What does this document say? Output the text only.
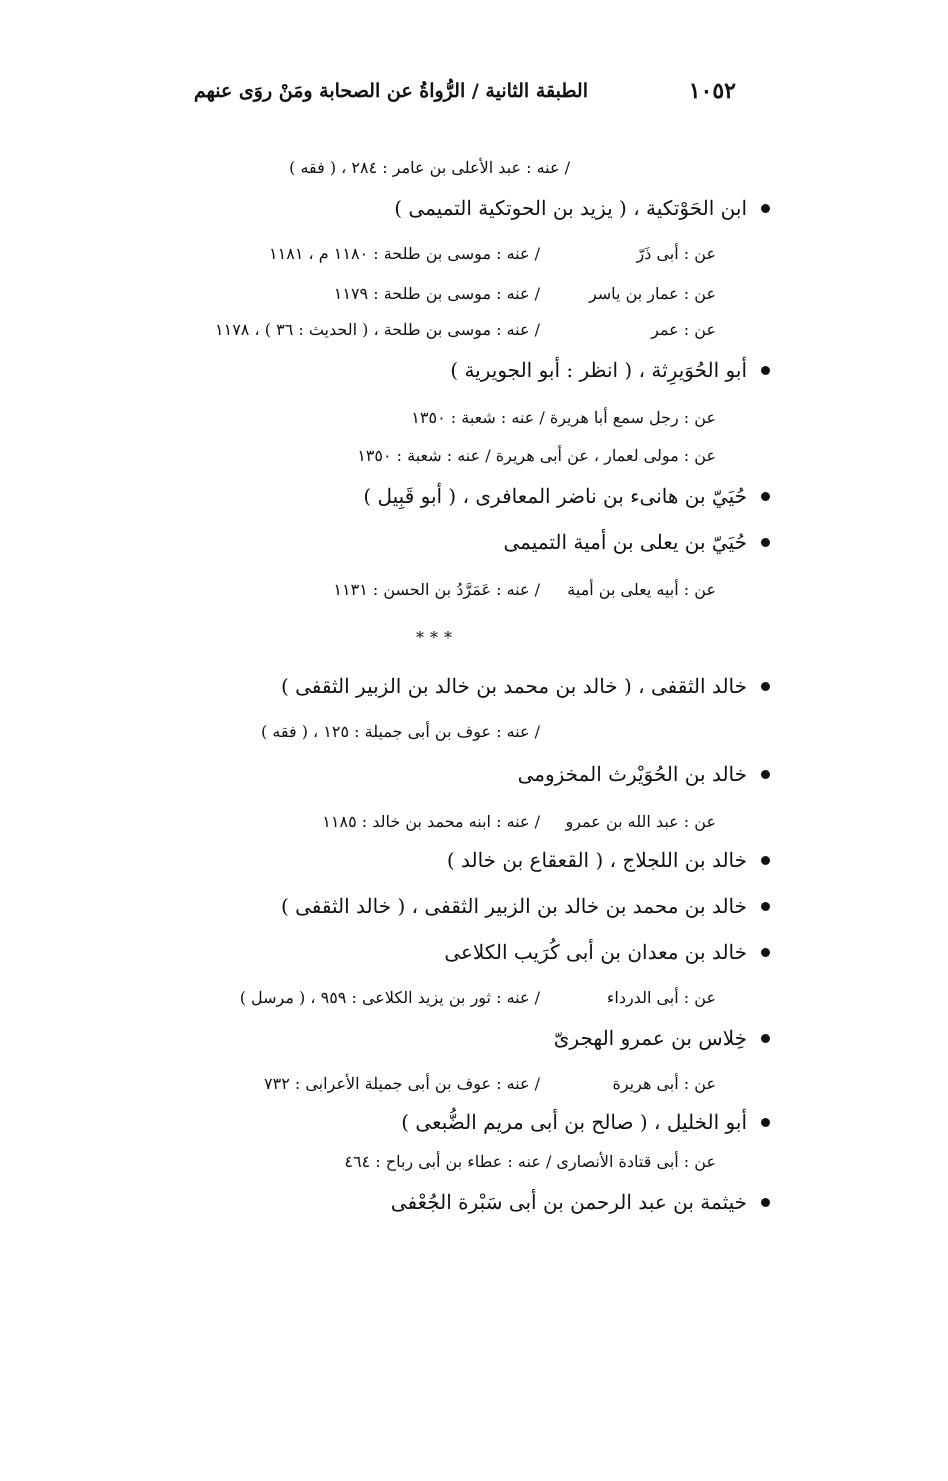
١٠٥٢
الطبقة الثانية / الرُّواةُ عن الصحابة ومَنْ روَى عنهم
/ عنه : عبد الأعلى بن عامر : ٢٨٤ ، ( فقه )
ابن الحَوْتكية ، ( يزيد بن الحوتكية التميمى )
عن : أبى ذَرّ
/ عنه : موسى بن طلحة : ١١٨٠ م ، ١١٨١
عن : عمار بن ياسر
/ عنه : موسى بن طلحة : ١١٧٩
عن : عمر
/ عنه : موسى بن طلحة ، ( الحديث : ٣٦ ) ، ١١٧٨
أبو الحُوَيرِثة ، ( انظر : أبو الجويرية )
عن : رجل سمع أبا هريرة / عنه : شعبة : ١٣٥٠
عن : مولى لعمار ، عن أبى هريرة / عنه : شعبة : ١٣٥٠
حُيَيّ بن هانىء بن ناضر المعافرى ، ( أبو قَبِيل )
حُيَيّ بن يعلى بن أمية التميمى
عن : أبيه يعلى بن أمية
/ عنه : عَمَرَّدُ بن الحسن : ١١٣١
***
خالد الثقفى ، ( خالد بن محمد بن خالد بن الزبير الثقفى )
/ عنه : عوف بن أبى جميلة : ١٢٥ ، ( فقه )
خالد بن الحُوَيْرث المخزومى
عن : عبد الله بن عمرو
/ عنه : ابنه محمد بن خالد : ١١٨٥
خالد بن اللجلاج ، ( القعقاع بن خالد )
خالد بن محمد بن خالد بن الزبير الثقفى ، ( خالد الثقفى )
خالد بن معدان بن أبى كُرَيب الكلاعى
عن : أبى الدرداء
/ عنه : ثور بن يزيد الكلاعى : ٩٥٩ ، ( مرسل )
خِلاس بن عمرو الهجرىّ
عن : أبى هريرة
/ عنه : عوف بن أبى جميلة الأعرابى : ٧٣٢
أبو الخليل ، ( صالح بن أبى مريم الضُّبعى )
عن : أبى قتادة الأنصارى / عنه : عطاء بن أبى رباح : ٤٦٤
خيثمة بن عبد الرحمن بن أبى سَبْرة الجُعْفى
